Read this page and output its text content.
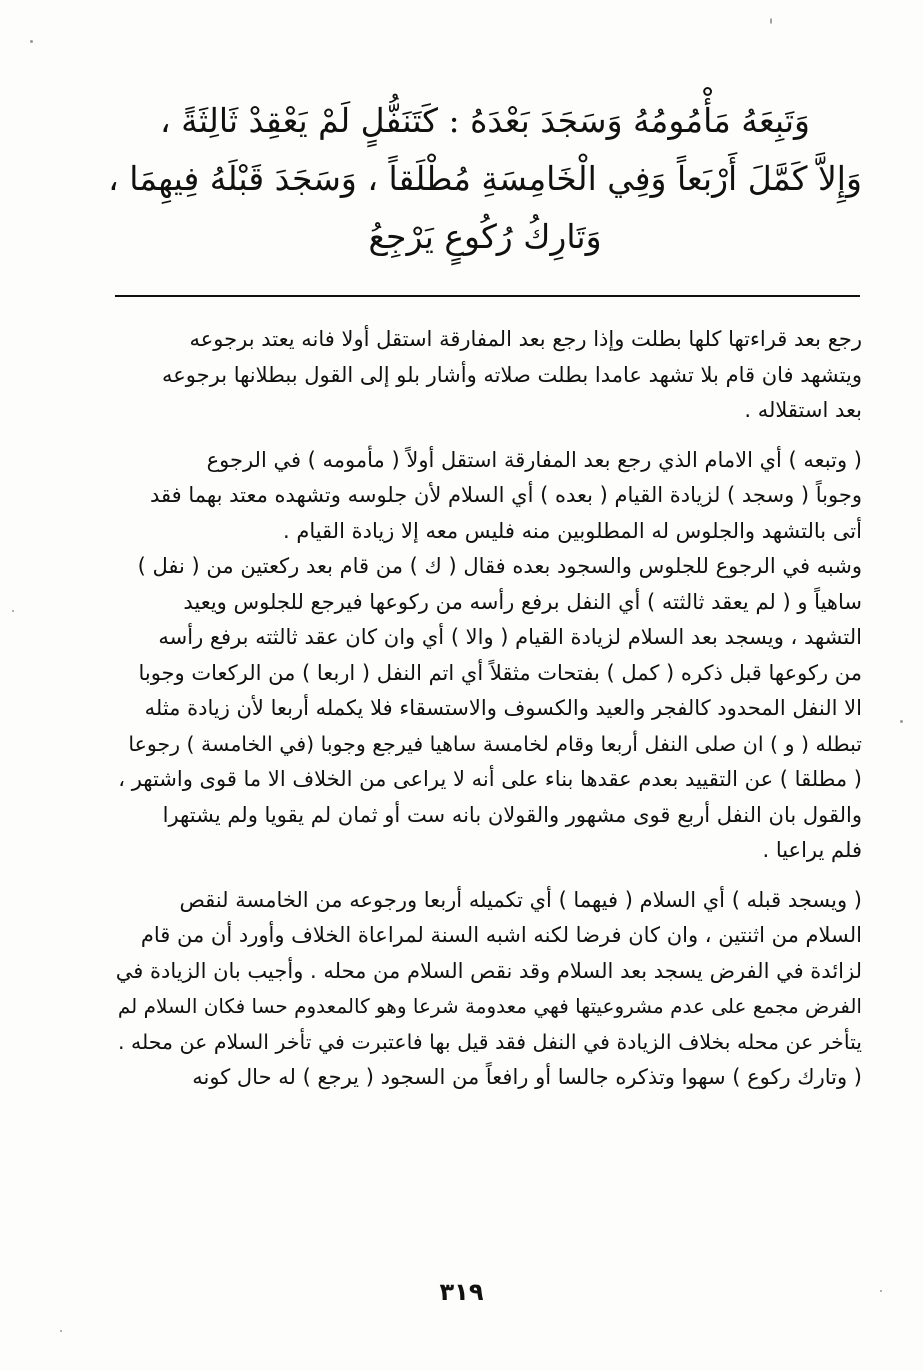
وَتَبِعَهُ مَأْمُومُهُ وَسَجَدَ بَعْدَهُ : كَتَنَفُّلٍ لَمْ يَعْقِدْ ثَالِثَةً ،
وَإِلاَّ كَمَّلَ أَرْبَعاً وَفِي الْخَامِسَةِ مُطْلَقاً ، وَسَجَدَ قَبْلَهُ فِيهِمَا ،
وَتَارِكُ رُكُوعٍ يَرْجِعُ
رجع بعد قراءتها كلها بطلت وإذا رجع بعد المفارقة استقل أولا فانه يعتد برجوعه
ويتشهد فان قام بلا تشهد عامدا بطلت صلاته وأشار بلو إلى القول ببطلانها برجوعه
بعد استقلاله .
( وتبعه ) أي الامام الذي رجع بعد المفارقة استقل أولاً ( مأمومه ) في الرجوع
وجوباً ( وسجد ) لزيادة القيام ( بعده ) أي السلام لأن جلوسه وتشهده معتد بهما فقد
أتى بالتشهد والجلوس له المطلوبين منه فليس معه إلا زيادة القيام .
وشبه في الرجوع للجلوس والسجود بعده فقال ( ك ) من قام بعد ركعتين من ( نفل )
ساهياً و ( لم يعقد ثالثته ) أي النفل برفع رأسه من ركوعها فيرجع للجلوس ويعيد
التشهد ، ويسجد بعد السلام لزيادة القيام ( والا ) أي وان كان عقد ثالثته برفع رأسه
من ركوعها قبل ذكره ( كمل ) بفتحات مثقلاً أي اتم النفل ( اربعا ) من الركعات وجوبا
الا النفل المحدود كالفجر والعيد والكسوف والاستسقاء فلا يكمله أربعا لأن زيادة مثله
تبطله ( و ) ان صلى النفل أربعا وقام لخامسة ساهيا فيرجع وجوبا (في الخامسة ) رجوعا
( مطلقا ) عن التقييد بعدم عقدها بناء على أنه لا يراعى من الخلاف الا ما قوى واشتهر ،
والقول بان النفل أربع قوى مشهور والقولان بانه ست أو ثمان لم يقويا ولم يشتهرا
فلم يراعيا .
( ويسجد قبله ) أي السلام ( فيهما ) أي تكميله أربعا ورجوعه من الخامسة لنقص
السلام من اثنتين ، وان كان فرضا لكنه اشبه السنة لمراعاة الخلاف وأورد أن من قام
لزائدة في الفرض يسجد بعد السلام وقد نقص السلام من محله . وأجيب بان الزيادة في
الفرض مجمع على عدم مشروعيتها فهي معدومة شرعا وهو كالمعدوم حسا فكان السلام لم
يتأخر عن محله بخلاف الزيادة في النفل فقد قيل بها فاعتبرت في تأخر السلام عن محله .
( وتارك ركوع ) سهوا وتذكره جالسا أو رافعاً من السجود ( يرجع ) له حال كونه
٣١٩
